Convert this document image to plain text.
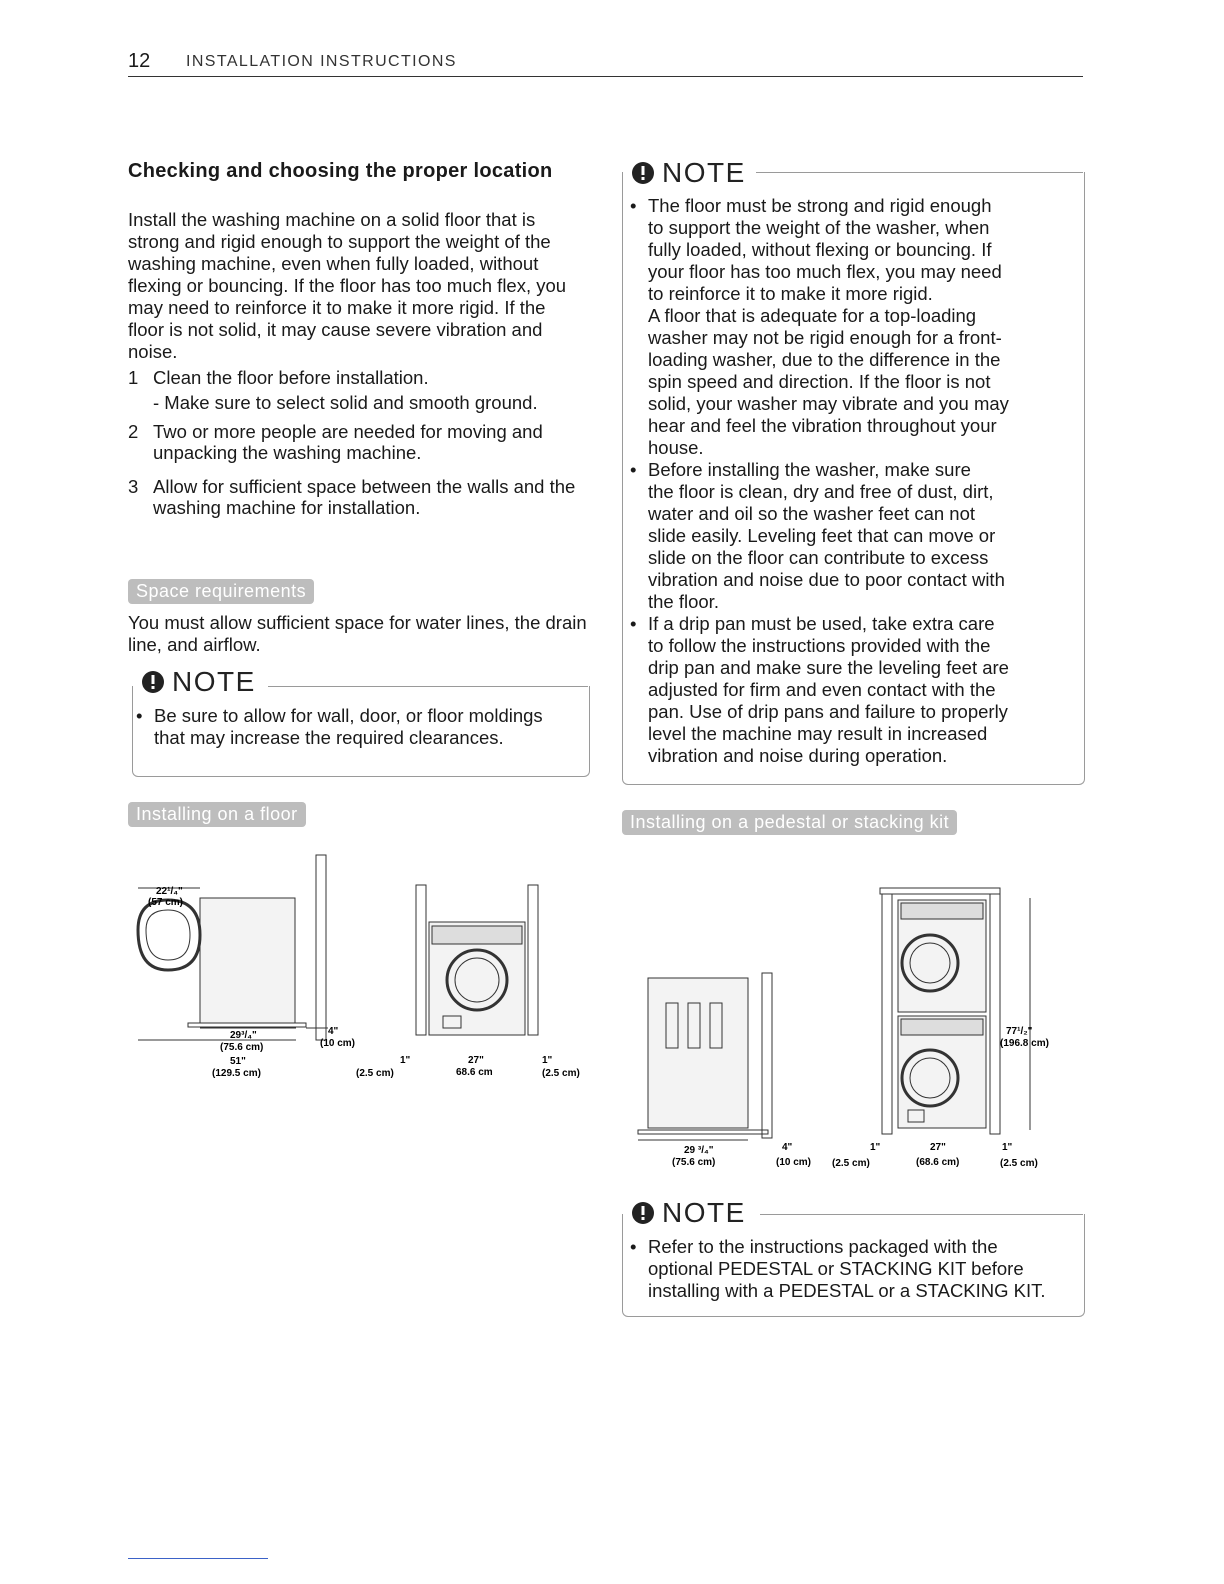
12 INSTALLATION INSTRUCTIONS
Checking and choosing the proper location

Install the washing machine on a solid floor that is strong and rigid enough to support the weight of the washing machine, even when fully loaded, without flexing or bouncing. If the floor has too much flex, you may need to reinforce it to make it more rigid. If the floor is not solid, it may cause severe vibration and noise.

1 Clean the floor before installation.
- Make sure to select solid and smooth ground.
2 Two or more people are needed for moving and unpacking the washing machine.
3 Allow for sufficient space between the walls and the washing machine for installation.
Space requirements

You must allow sufficient space for water lines, the drain line, and airflow.

NOTE
• Be sure to allow for wall, door, or floor moldings that may increase the required clearances.
Installing on a floor
22¹/₄"
(57 cm)
29³/₄"
(75.6 cm)
4"
(10 cm)
51"
(129.5 cm)
1"
(2.5 cm)
27"
68.6 cm
1"
(2.5 cm)
NOTE
• The floor must be strong and rigid enough
to support the weight of the washer, when
fully loaded, without flexing or bouncing. If
your floor has too much flex, you may need
to reinforce it to make it more rigid.
A floor that is adequate for a top-loading
washer may not be rigid enough for a front-
loading washer, due to the difference in the
spin speed and direction. If the floor is not
solid, your washer may vibrate and you may
hear and feel the vibration throughout your
house.
• Before installing the washer, make sure
the floor is clean, dry and free of dust, dirt,
water and oil so the washer feet can not
slide easily. Leveling feet that can move or
slide on the floor can contribute to excess
vibration and noise due to poor contact with
the floor.
• If a drip pan must be used, take extra care
to follow the instructions provided with the
drip pan and make sure the leveling feet are
adjusted for firm and even contact with the
pan. Use of drip pans and failure to properly
level the machine may result in increased
vibration and noise during operation.
Installing on a pedestal or stacking kit
29 ³/₄"
(75.6 cm)
4"
(10 cm)
77¹/₂"
(196.8 cm)
1"
(2.5 cm)
27"
(68.6 cm)
1"
(2.5 cm)
NOTE
• Refer to the instructions packaged with the
optional PEDESTAL or STACKING KIT before
installing with a PEDESTAL or a STACKING KIT.
